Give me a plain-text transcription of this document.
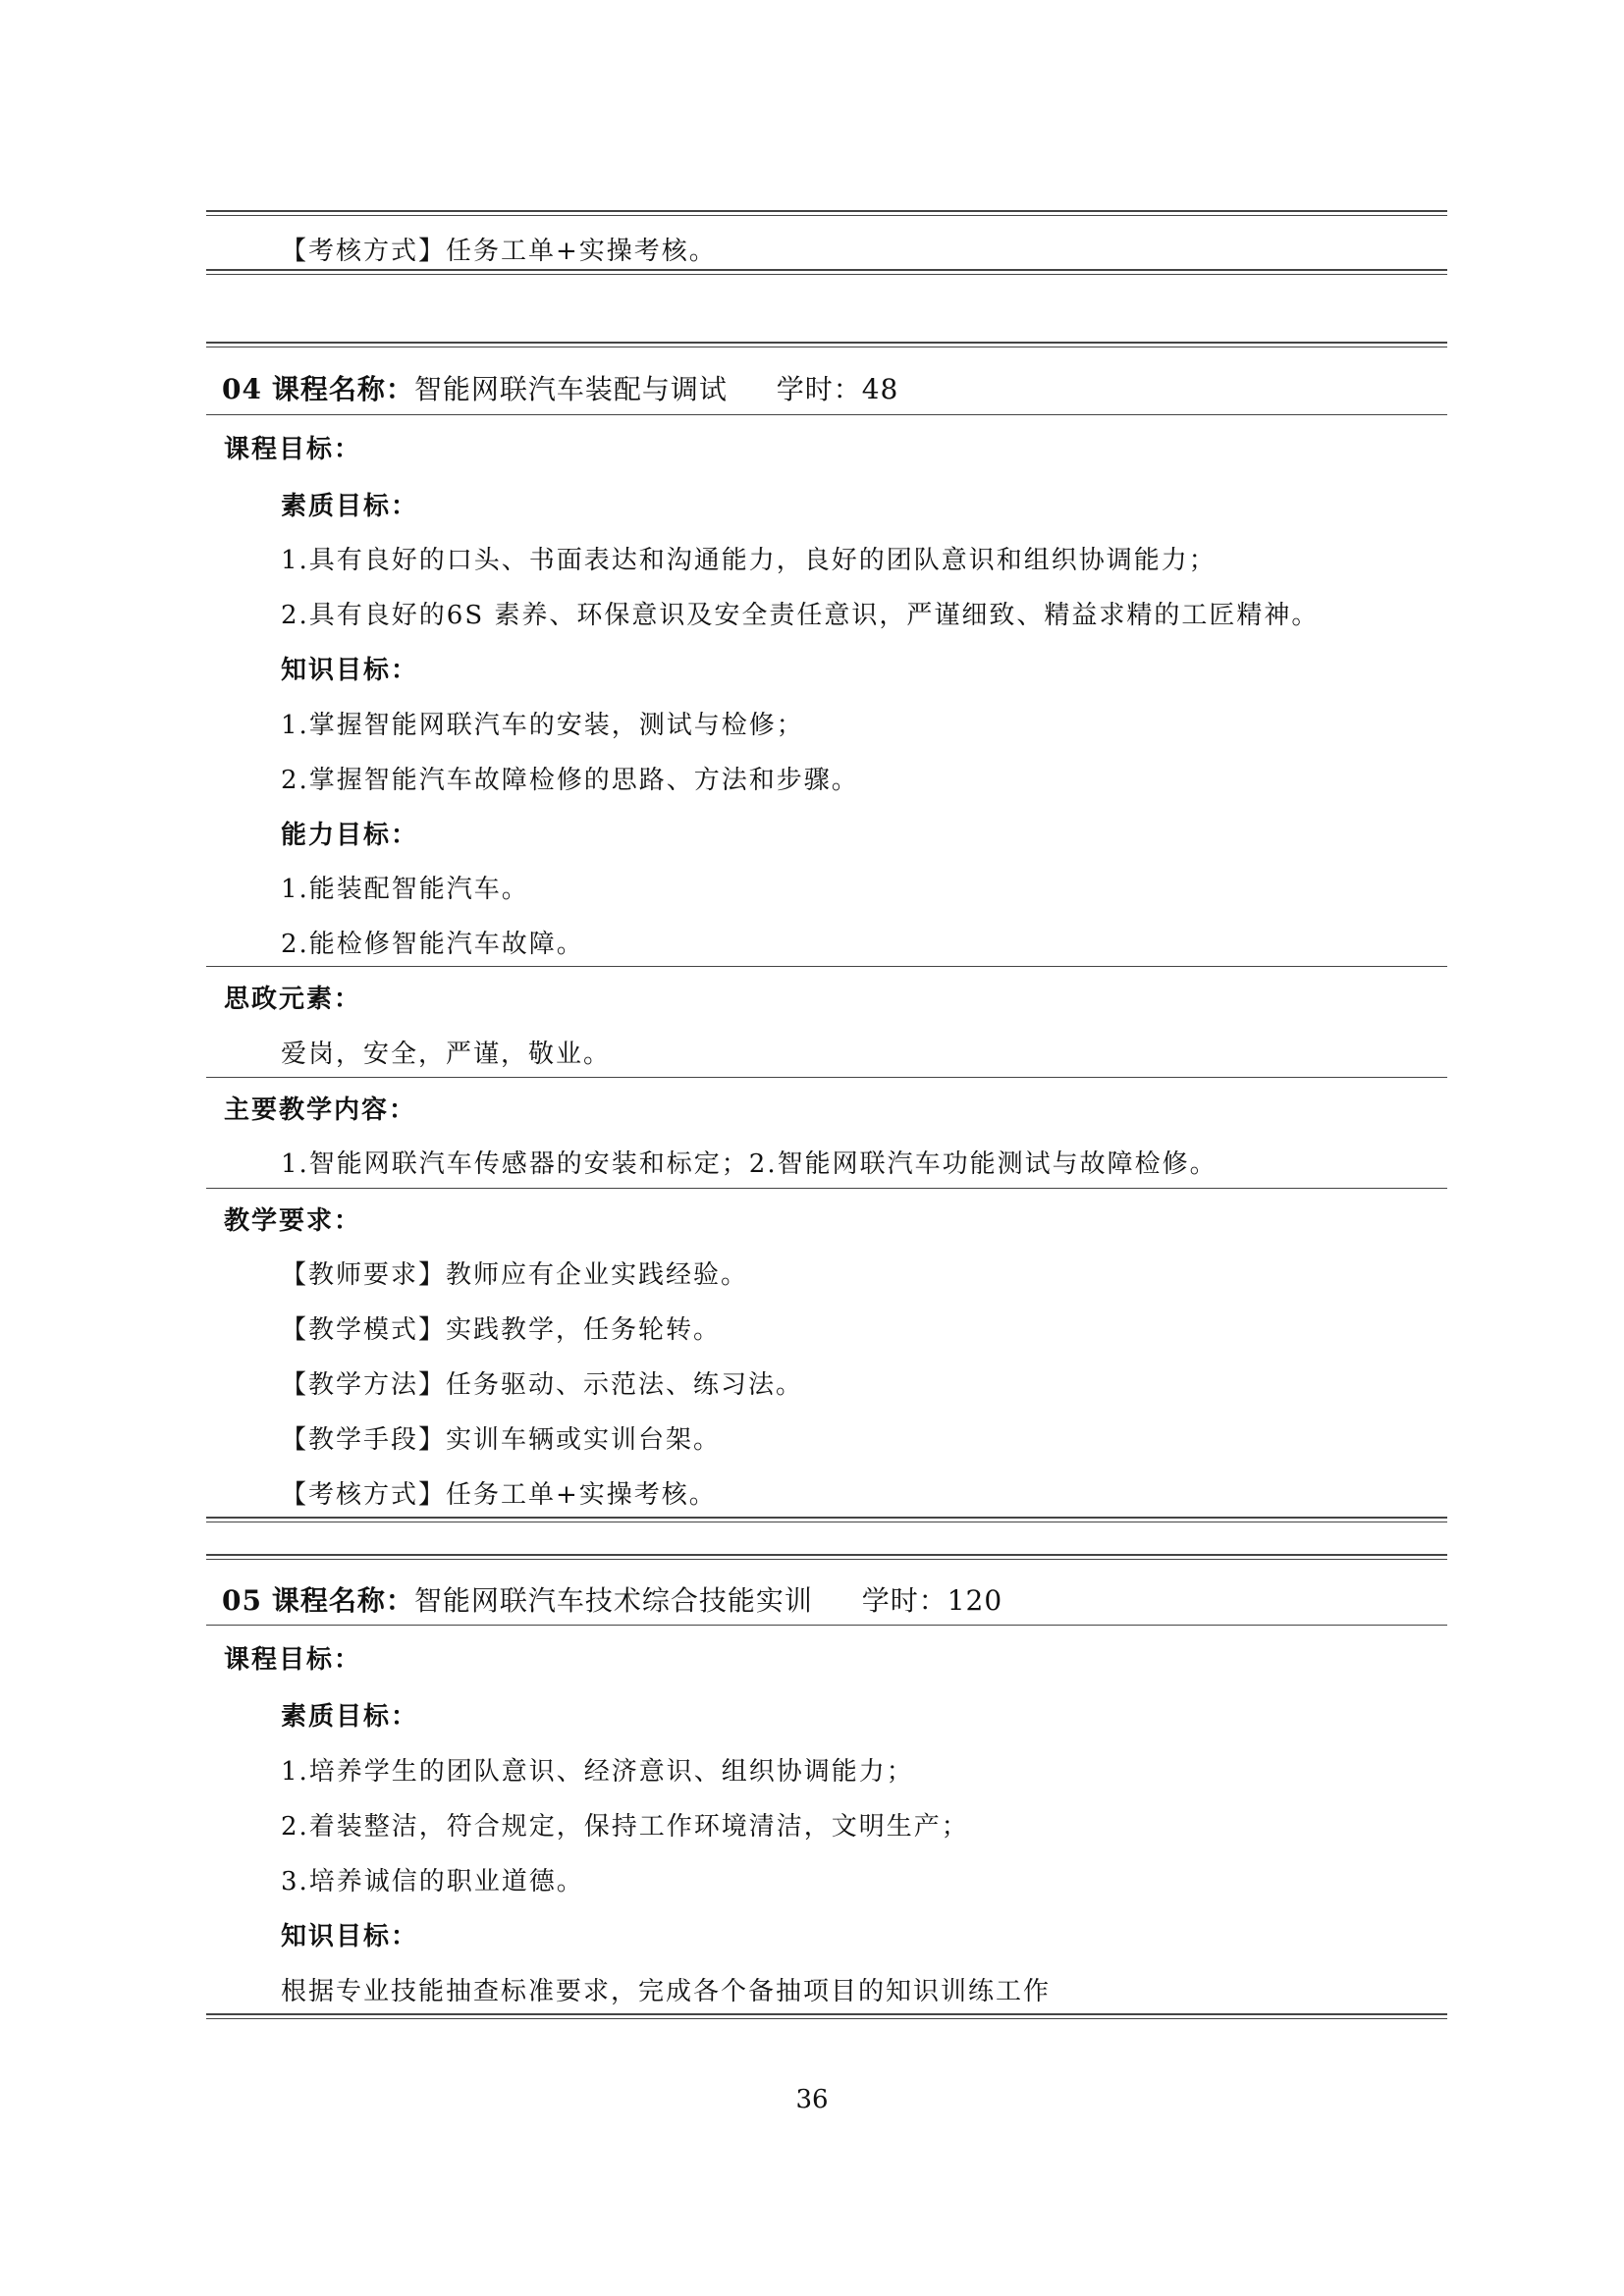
【考核方式】任务工单+实操考核。
04 课程名称：智能网联汽车装配与调试 学时：48
课程目标：
素质目标：
1.具有良好的口头、书面表达和沟通能力，良好的团队意识和组织协调能力；
2.具有良好的6S 素养、环保意识及安全责任意识，严谨细致、精益求精的工匠精神。
知识目标：
1.掌握智能网联汽车的安装，测试与检修；
2.掌握智能汽车故障检修的思路、方法和步骤。
能力目标：
1.能装配智能汽车。
2.能检修智能汽车故障。
思政元素：
爱岗，安全，严谨，敬业。
主要教学内容：
1.智能网联汽车传感器的安装和标定；2.智能网联汽车功能测试与故障检修。
教学要求：
【教师要求】教师应有企业实践经验。
【教学模式】实践教学，任务轮转。
【教学方法】任务驱动、示范法、练习法。
【教学手段】实训车辆或实训台架。
【考核方式】任务工单+实操考核。
05 课程名称：智能网联汽车技术综合技能实训 学时：120
课程目标：
素质目标：
1.培养学生的团队意识、经济意识、组织协调能力；
2.着装整洁，符合规定，保持工作环境清洁，文明生产；
3.培养诚信的职业道德。
知识目标：
根据专业技能抽查标准要求，完成各个备抽项目的知识训练工作
36
